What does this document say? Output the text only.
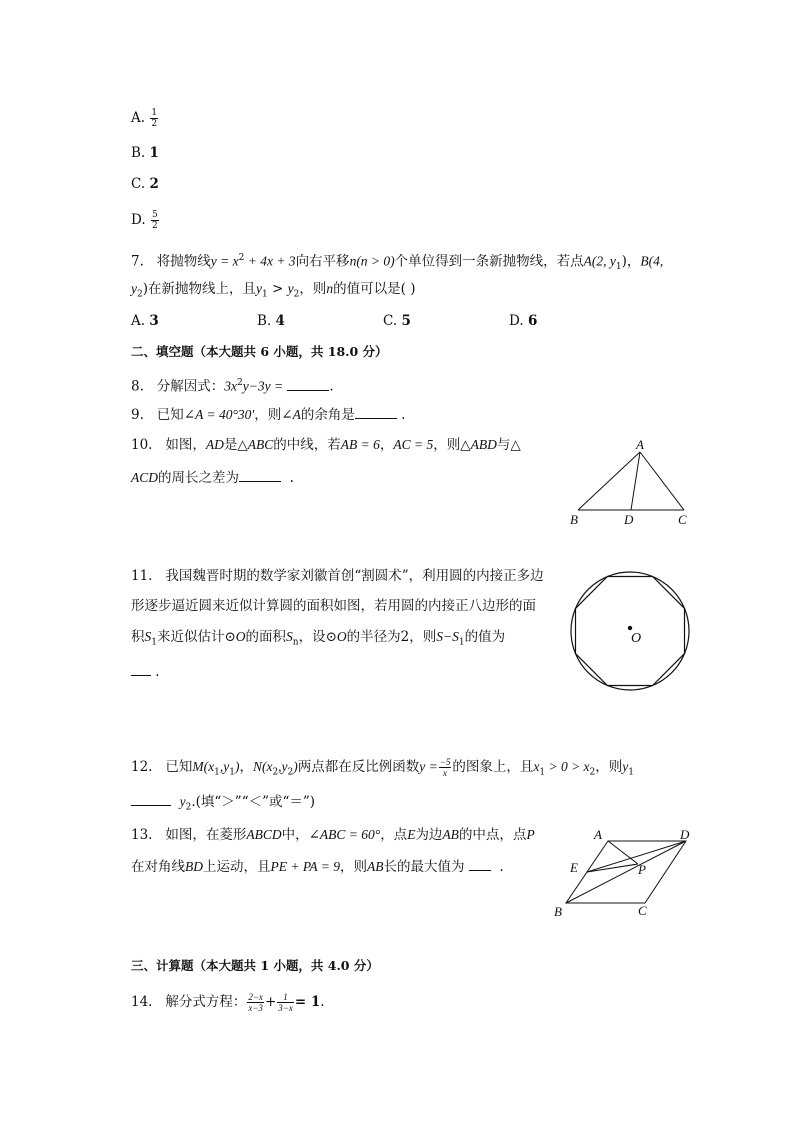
A. $\frac{1}{2}$
B. 1
C. 2
D. $\frac{5}{2}$
7. 将抛物线$y = x^2 + 4x + 3$向右平移n(n > 0)个单位得到一条新抛物线，若点A(2, $y_1$)，B(4,
$y_2$)在新抛物线上，且$y_1 > y_2$，则n的值可以是( )
A. 3	B. 4	C. 5	D. 6
二、填空题（本大题共 6 小题，共 18.0 分）
8. 分解因式：$3x^2y-3y$ =	.
9. 已知∠A = 40°30′，则∠A的余角是	.
10. 如图，AD是△ABC的中线，若AB = 6，AC = 5，则△ABD与△
ACD的周长之差为	.
A
B	D	C
11. 我国魏晋时期的数学家刘徽首创“割圆术”，利用圆的内接正多边
形逐步逼近圆来近似计算圆的面积如图，若用圆的内接正八边形的面
积$S_1$来近似估计⊙O的面积$S_n$，设⊙O的半径为2，则$S-S_1$的值为
.
O
12. 已知$M(x_1,y_1)$，$N(x_2,y_2)$两点都在反比例函数$y = \frac{-5}{x}$ 的图象上，且$x_1 > 0 > x_2$，则$y_1$
$y_2$.(填“＞”“＜”或“＝”)
13. 如图，在菱形ABCD中，∠ABC = 60°，点E为边AB的中点，点P
在对角线BD上运动，且PE + PA = 9，则AB长的最大值为	.
A	D
E	P
B	C
三、计算题（本大题共 1 小题，共 4.0 分）
14. 解分式方程： $\frac{2-x}{x-3} + \frac{1}{3-x} = 1$.
